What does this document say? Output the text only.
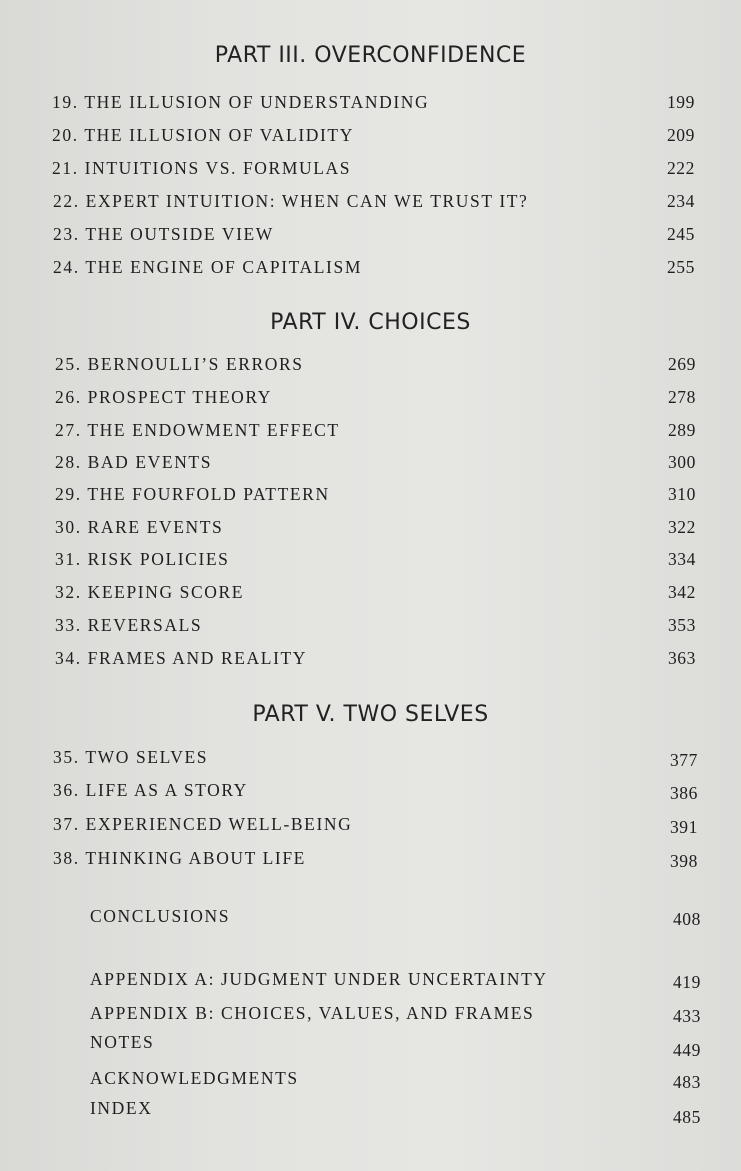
PART III. OVERCONFIDENCE
19. THE ILLUSION OF UNDERSTANDING	199
20. THE ILLUSION OF VALIDITY	209
21. INTUITIONS VS. FORMULAS	222
22. EXPERT INTUITION: WHEN CAN WE TRUST IT?	234
23. THE OUTSIDE VIEW	245
24. THE ENGINE OF CAPITALISM	255
PART IV. CHOICES
25. BERNOULLI’S ERRORS	269
26. PROSPECT THEORY	278
27. THE ENDOWMENT EFFECT	289
28. BAD EVENTS	300
29. THE FOURFOLD PATTERN	310
30. RARE EVENTS	322
31. RISK POLICIES	334
32. KEEPING SCORE	342
33. REVERSALS	353
34. FRAMES AND REALITY	363
PART V. TWO SELVES
35. TWO SELVES	377
36. LIFE AS A STORY	386
37. EXPERIENCED WELL-BEING	391
38. THINKING ABOUT LIFE	398
CONCLUSIONS	408
APPENDIX A: JUDGMENT UNDER UNCERTAINTY	419
APPENDIX B: CHOICES, VALUES, AND FRAMES	433
NOTES	449
ACKNOWLEDGMENTS	483
INDEX	485
